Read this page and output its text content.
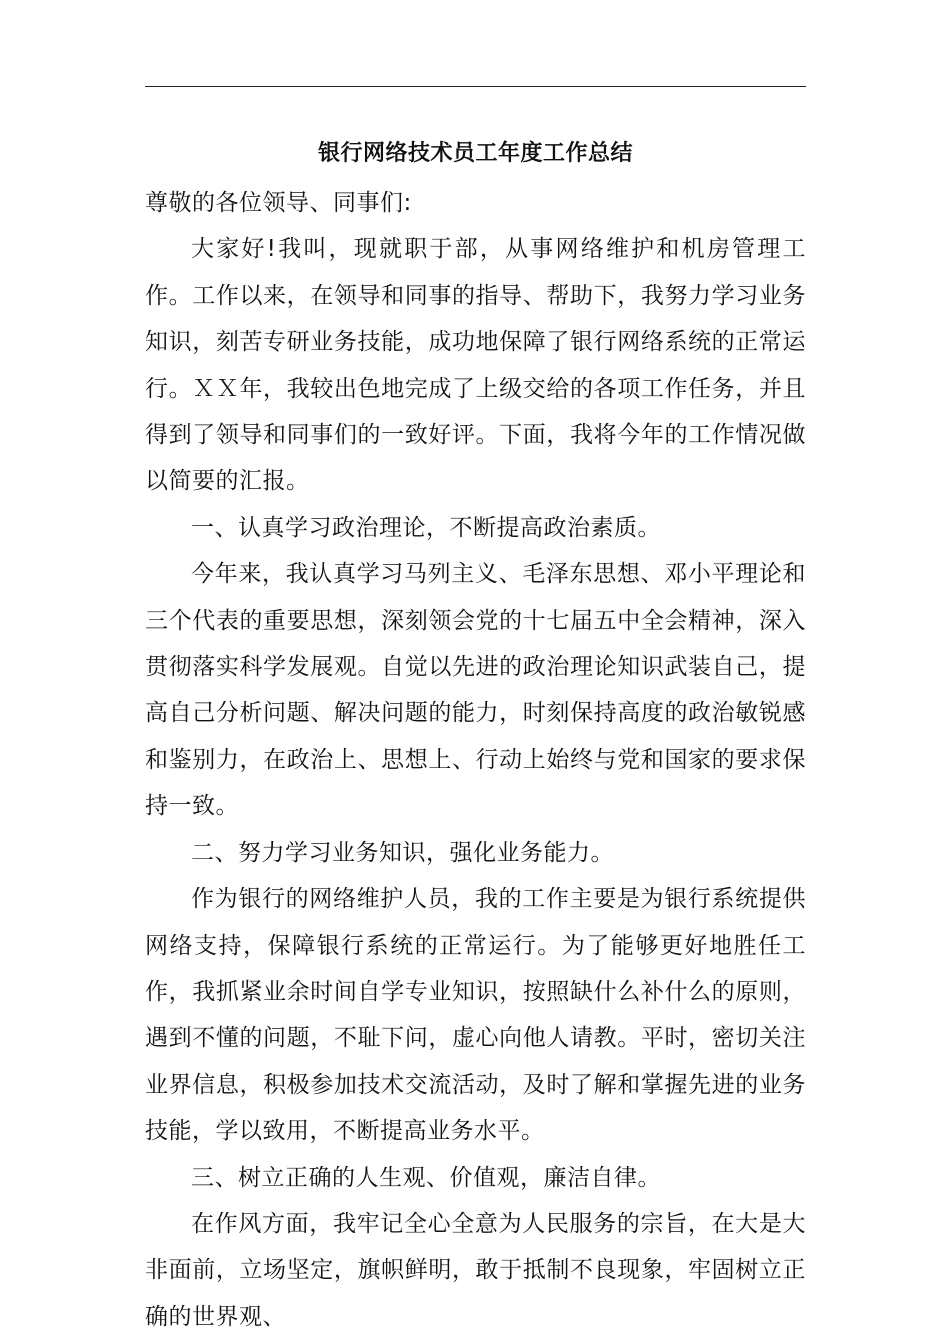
银行网络技术员工年度工作总结

尊敬的各位领导、同事们:

大家好!我叫，现就职于部，从事网络维护和机房管理工作。工作以来，在领导和同事的指导、帮助下，我努力学习业务知识，刻苦专研业务技能，成功地保障了银行网络系统的正常运行。ＸＸ年，我较出色地完成了上级交给的各项工作任务，并且得到了领导和同事们的一致好评。下面，我将今年的工作情况做以简要的汇报。

一、认真学习政治理论，不断提高政治素质。

今年来，我认真学习马列主义、毛泽东思想、邓小平理论和三个代表的重要思想，深刻领会党的十七届五中全会精神，深入贯彻落实科学发展观。自觉以先进的政治理论知识武装自己，提高自己分析问题、解决问题的能力，时刻保持高度的政治敏锐感和鉴别力，在政治上、思想上、行动上始终与党和国家的要求保持一致。

二、努力学习业务知识，强化业务能力。

作为银行的网络维护人员，我的工作主要是为银行系统提供网络支持，保障银行系统的正常运行。为了能够更好地胜任工作，我抓紧业余时间自学专业知识，按照缺什么补什么的原则，遇到不懂的问题，不耻下问，虚心向他人请教。平时，密切关注业界信息，积极参加技术交流活动，及时了解和掌握先进的业务技能，学以致用，不断提高业务水平。

三、树立正确的人生观、价值观，廉洁自律。

在作风方面，我牢记全心全意为人民服务的宗旨，在大是大非面前，立场坚定，旗帜鲜明，敢于抵制不良现象，牢固树立正确的世界观、
